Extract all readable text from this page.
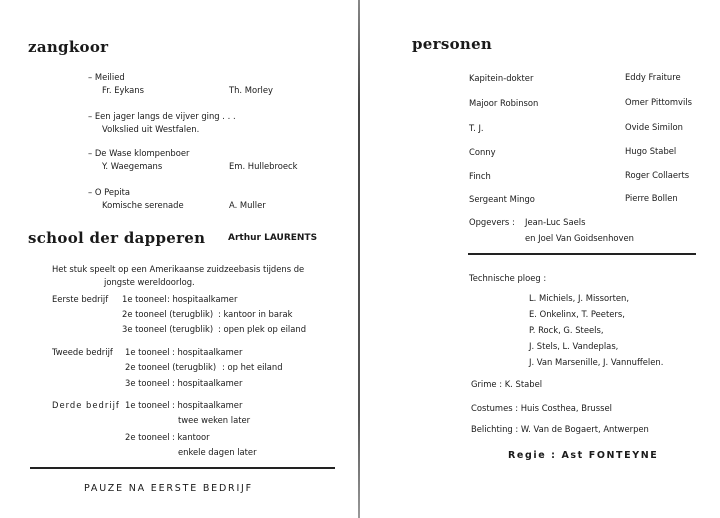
zangkoor
– Meilied
Fr. Eykans	Th. Morley
– Een jager langs de vijver ging . . .
Volkslied uit Westfalen.
– De Wase klompenboer
Y. Waegemans	Em. Hullebroeck
– O Pepita
Komische serenade	A. Muller
school der dapperen	Arthur LAURENTS
Het stuk speelt op een Amerikaanse zuidzeebasis tijdens de
jongste wereldoorlog.
Eerste bedrijf 1e tooneel : hospitaalkamer
2e tooneel (terugblik) : kantoor in barak
3e tooneel (terugblik) : open plek op eiland
Tweede bedrijf 1e tooneel : hospitaalkamer
2e tooneel (terugblik) : op het eiland
3e tooneel : hospitaalkamer
Derde bedrijf 1e tooneel : hospitaalkamer
twee weken later
2e tooneel : kantoor
enkele dagen later
PAUZE NA EERSTE BEDRIJF
personen
Kapitein-dokter	Eddy Fraiture
Majoor Robinson	Omer Pittomvils
T. J.	Ovide Similon
Conny	Hugo Stabel
Finch	Roger Collaerts
Sergeant Mingo	Pierre Bollen
Opgevers : Jean-Luc Saels
en Joel Van Goidsenhoven
Technische ploeg :
L. Michiels, J. Missorten,
E. Onkelinx, T. Peeters,
P. Rock, G. Steels,
J. Stels, L. Vandeplas,
J. Van Marsenille, J. Vannuffelen.
Grime : K. Stabel
Costumes : Huis Costhea, Brussel
Belichting : W. Van de Bogaert, Antwerpen
Regie : Ast FONTEYNE
